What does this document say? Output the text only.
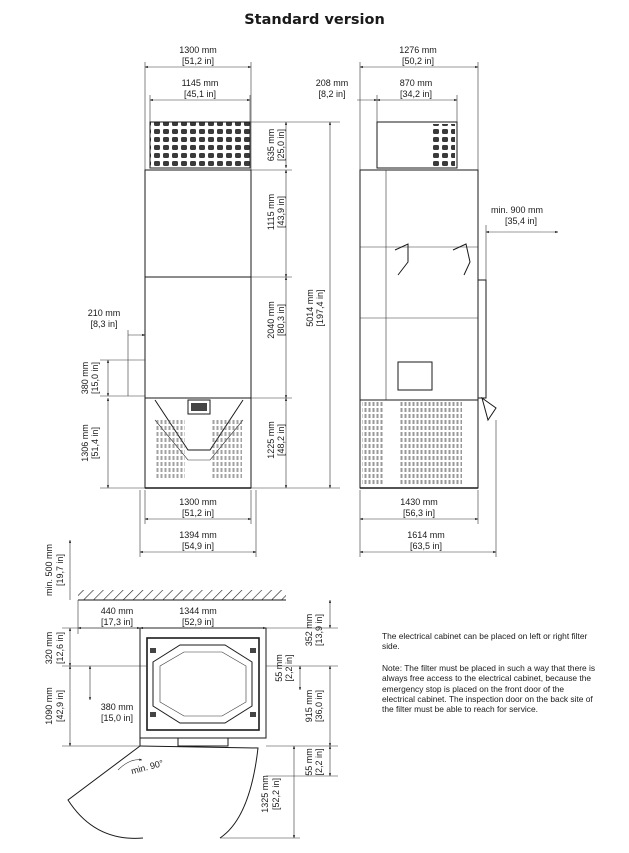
Standard version
1300 mm
[51,2 in]
1145 mm
[45,1 in]
635 mm [25,0 in]
1115 mm [43,9 in]
2040 mm [80,3 in] 5014 mm [197,4 in]
1225 mm [48,2 in]
210 mm
[8,3 in]
380 mm [15,0 in]
1306 mm [51,4 in]
1300 mm
[51,2 in]
1394 mm
[54,9 in]
1276 mm
[50,2 in]
208 mm
[8,2 in]
870 mm
[34,2 in]
min. 900 mm
[35,4 in]
1430 mm
[56,3 in]
1614 mm
[63,5 in]
min. 500 mm [19,7 in]
440 mm
[17,3 in]
1344 mm
[52,9 in]	352 mm [13,9 in]
320 mm [12,6 in]
55 mm [2,2 in]
1090 mm [42,9 in]	380 mm
[15,0 in]	915 mm [36,0 in]
55 mm [2,2 in]
min. 90°
1325 mm [52,2 in]
The electrical cabinet can be placed on left or right filter side.
Note: The filter must be placed in such a way that there is always free access to the electrical cabinet, because the emergency stop is placed on the front door of the electrical cabinet. The inspection door on the back site of the filter must be able to reach for service.
